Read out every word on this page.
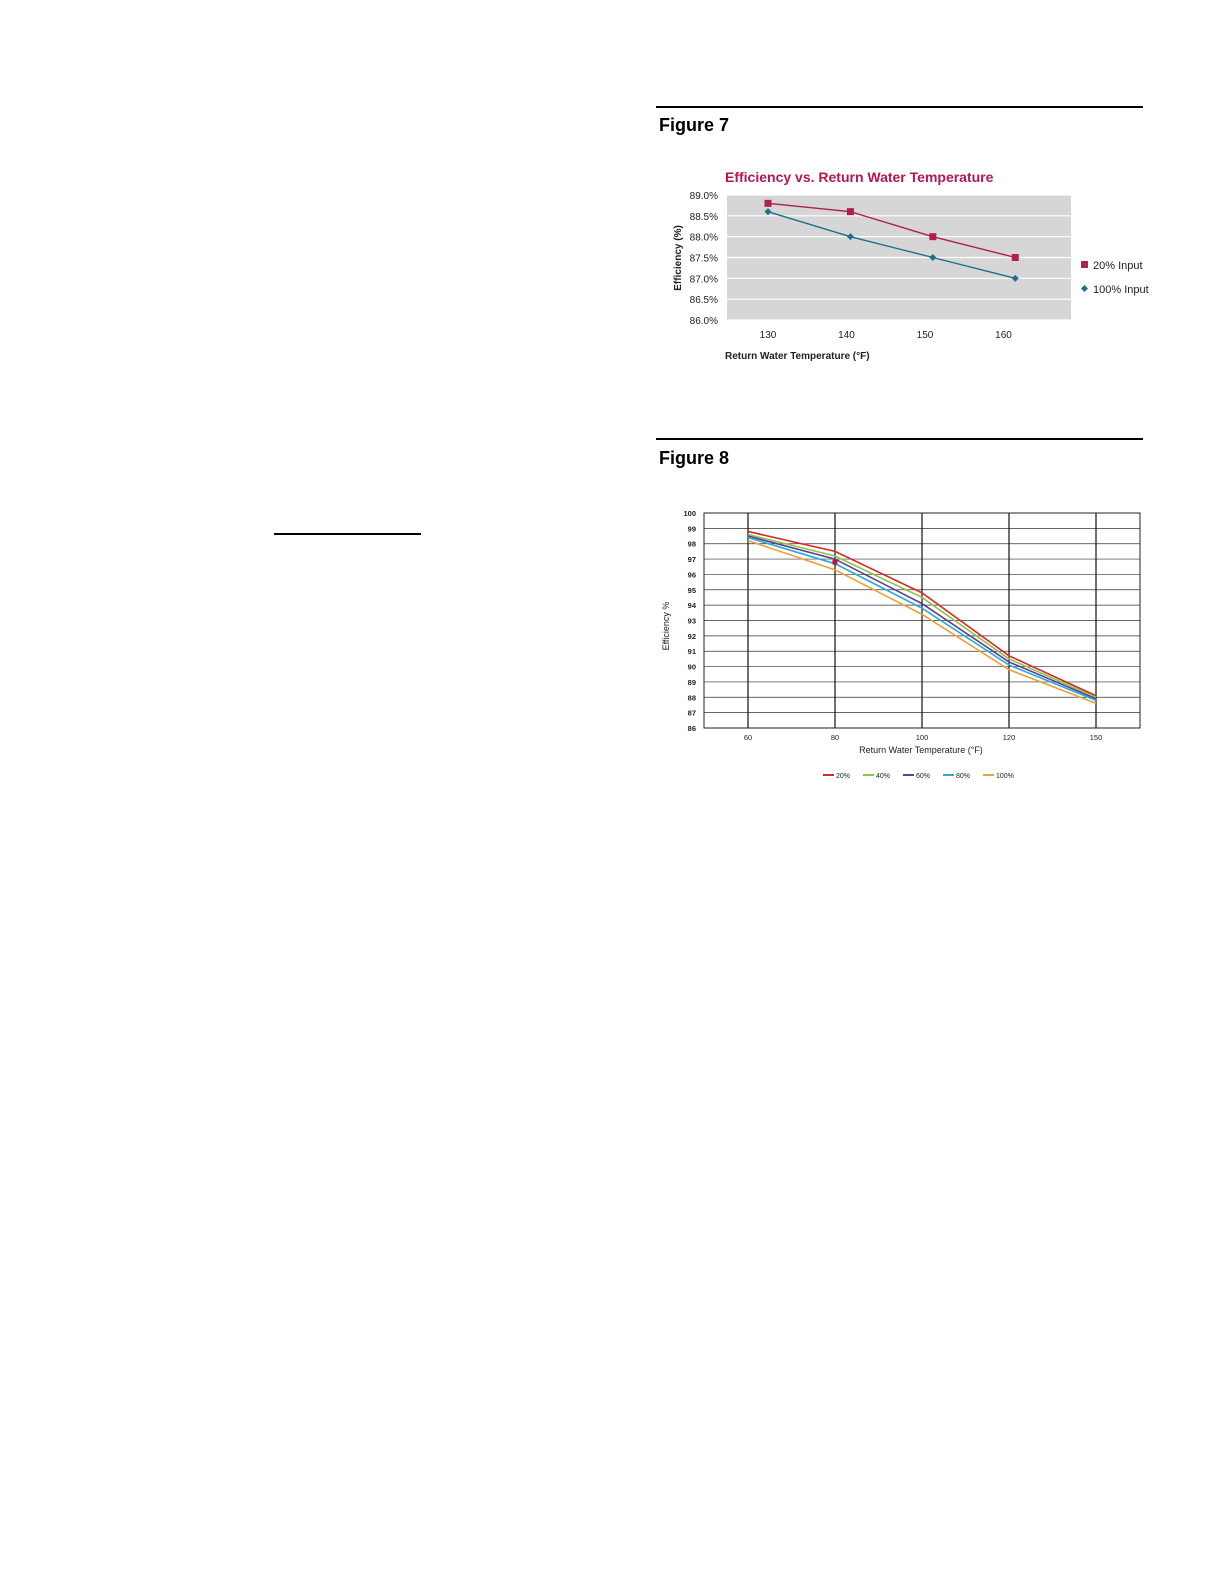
Figure 7
86.0%
86.5%
87.0%
87.5%
88.0%
88.5%
89.0%
130	140	150	160
Efficiency vs. Return Water Temperature
Efficiency (%)
Return Water Temperature (°F)
20% Input
100% Input
Figure 8
86
87
88
89
90
91
92
93
94
95
96
97
98
99
100
60	80	100	120	150
Efficiency %
Return Water Temperature (°F)
20%	40%	60%	80%	100%
